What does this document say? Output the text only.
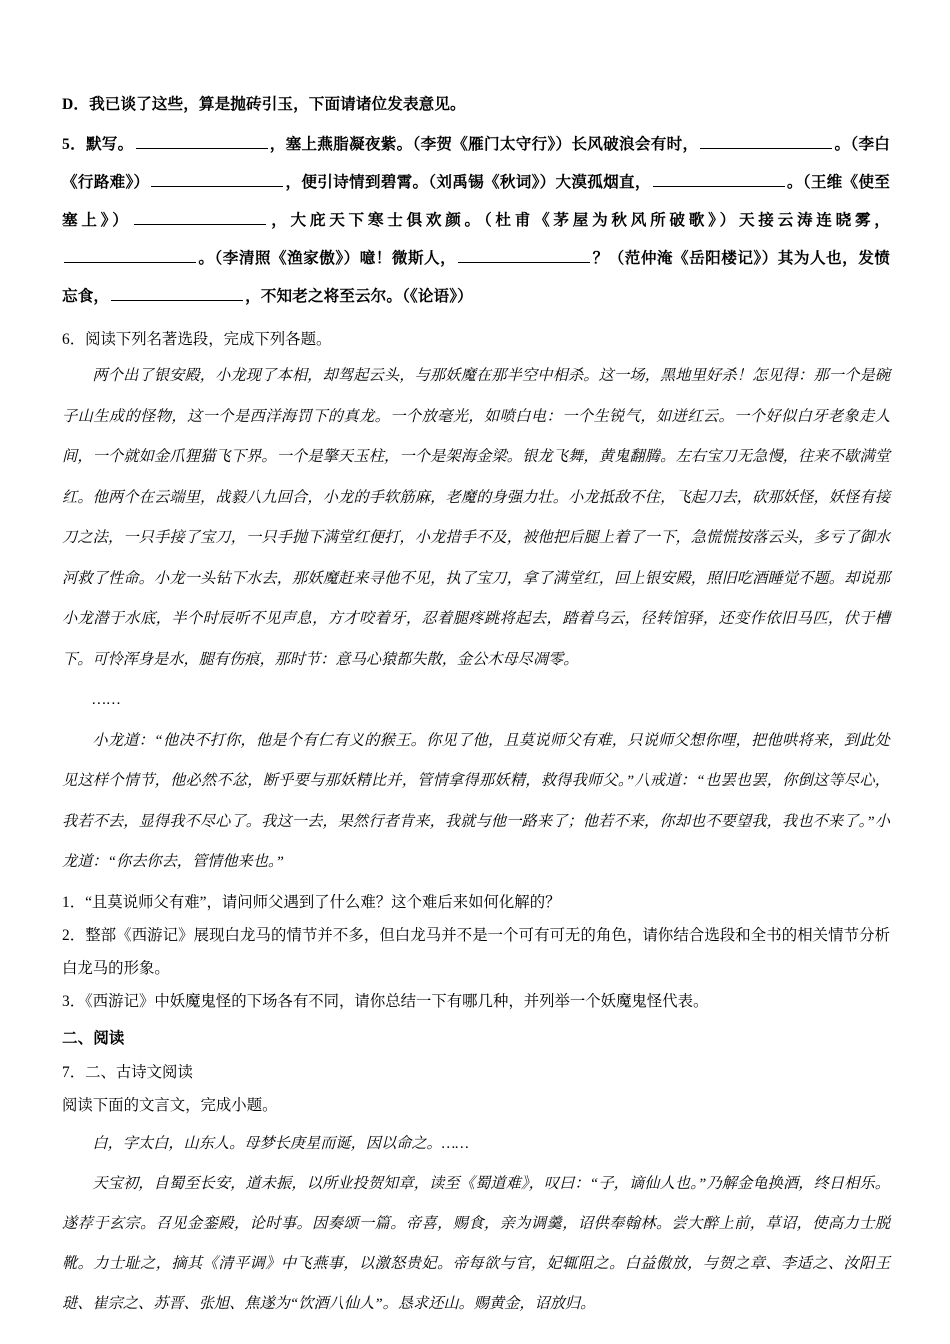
D．我已谈了这些，算是抛砖引玉，下面请诸位发表意见。
5．默写。	，塞上燕脂凝夜紫。（李贺《雁门太守行》）长风破浪会有时，	。（李白《行路难》）	，便引诗情到碧霄。（刘禹锡《秋词》）大漠孤烟直，	。（王维《使至塞上》）	，大庇天下寒士俱欢颜。（杜甫《茅屋为秋风所破歌》）天接云涛连晓雾，。（李清照《渔家傲》）噫！微斯人，	？（范仲淹《岳阳楼记》）其为人也，发愤忘食，	，不知老之将至云尔。（《论语》）
6．阅读下列名著选段，完成下列各题。
两个出了银安殿，小龙现了本相，却驾起云头，与那妖魔在那半空中相杀。这一场，黑地里好杀！怎见得：那一个是碗子山生成的怪物，这一个是西洋海罚下的真龙。一个放毫光，如喷白电：一个生锐气，如迸红云。一个好似白牙老象走人间，一个就如金爪狸猫飞下界。一个是擎天玉柱，一个是架海金梁。银龙飞舞，黄鬼翻腾。左右宝刀无急慢，往来不歇满堂红。他两个在云端里，战毅八九回合，小龙的手软筋麻，老魔的身强力壮。小龙抵敌不住，飞起刀去，砍那妖怪，妖怪有接刀之法，一只手接了宝刀，一只手抛下满堂红便打，小龙措手不及，被他把后腿上着了一下，急慌慌按落云头，多亏了御水河救了性命。小龙一头钻下水去，那妖魔赶来寻他不见，执了宝刀，拿了满堂红，回上银安殿，照旧吃酒睡觉不题。却说那小龙潜于水底，半个时辰听不见声息，方才咬着牙，忍着腿疼跳将起去，踏着乌云，径转馆驿，还变作依旧马匹，伏于槽下。可怜浑身是水，腿有伤痕，那时节：意马心猿都失散，金公木母尽凋零。
……
小龙道：“他决不打你，他是个有仁有义的猴王。你见了他，且莫说师父有难，只说师父想你哩，把他哄将来，到此处见这样个情节，他必然不忿，断乎要与那妖精比并，管情拿得那妖精，救得我师父。”八戒道：“也罢也罢，你倒这等尽心，我若不去，显得我不尽心了。我这一去，果然行者肯来，我就与他一路来了；他若不来，你却也不要望我，我也不来了。”小龙道：“你去你去，管情他来也。”
1．“且莫说师父有难”，请问师父遇到了什么难？这个难后来如何化解的？
2．整部《西游记》展现白龙马的情节并不多，但白龙马并不是一个可有可无的角色，请你结合选段和全书的相关情节分析白龙马的形象。
3．《西游记》中妖魔鬼怪的下场各有不同，请你总结一下有哪几种，并列举一个妖魔鬼怪代表。
二、阅读
7．二、古诗文阅读
阅读下面的文言文，完成小题。
白，字太白，山东人。母梦长庚星而诞，因以命之。……
天宝初，自蜀至长安，道未振，以所业投贺知章，读至《蜀道难》，叹曰：“子，谪仙人也。”乃解金龟换酒，终日相乐。遂荐于玄宗。召见金銮殿，论时事。因奏颂一篇。帝喜，赐食，亲为调羹，诏供奉翰林。尝大醉上前，草诏，使高力士脱靴。力士耻之，摘其《清平调》中飞燕事，以激怒贵妃。帝每欲与官，妃辄阻之。白益傲放，与贺之章、李适之、汝阳王琎、崔宗之、苏晋、张旭、焦遂为“饮酒八仙人”。恳求还山。赐黄金，诏放归。
